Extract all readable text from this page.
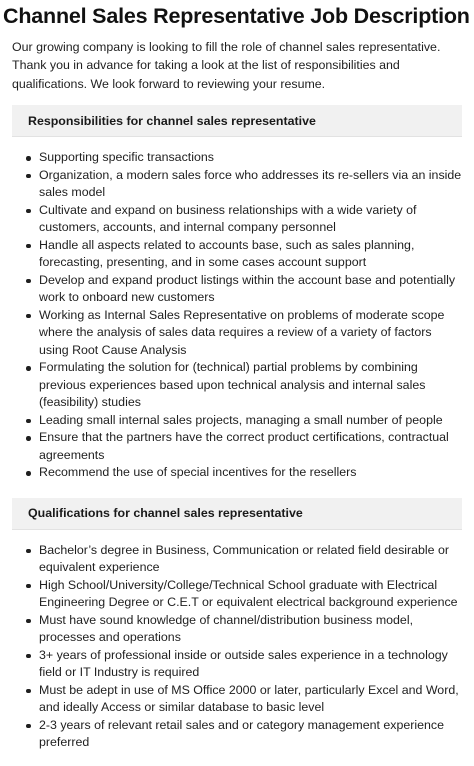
Channel Sales Representative Job Description

Our growing company is looking to fill the role of channel sales representative. Thank you in advance for taking a look at the list of responsibilities and qualifications. We look forward to reviewing your resume.

Responsibilities for channel sales representative
Supporting specific transactions
Organization, a modern sales force who addresses its re-sellers via an inside sales model
Cultivate and expand on business relationships with a wide variety of customers, accounts, and internal company personnel
Handle all aspects related to accounts base, such as sales planning, forecasting, presenting, and in some cases account support
Develop and expand product listings within the account base and potentially work to onboard new customers
Working as Internal Sales Representative on problems of moderate scope where the analysis of sales data requires a review of a variety of factors using Root Cause Analysis
Formulating the solution for (technical) partial problems by combining previous experiences based upon technical analysis and internal sales (feasibility) studies
Leading small internal sales projects, managing a small number of people
Ensure that the partners have the correct product certifications, contractual agreements
Recommend the use of special incentives for the resellers
Qualifications for channel sales representative
Bachelor’s degree in Business, Communication or related field desirable or equivalent experience
High School/University/College/Technical School graduate with Electrical Engineering Degree or C.E.T or equivalent electrical background experience
Must have sound knowledge of channel/distribution business model, processes and operations
3+ years of professional inside or outside sales experience in a technology field or IT Industry is required
Must be adept in use of MS Office 2000 or later, particularly Excel and Word, and ideally Access or similar database to basic level
2-3 years of relevant retail sales and or category management experience preferred
